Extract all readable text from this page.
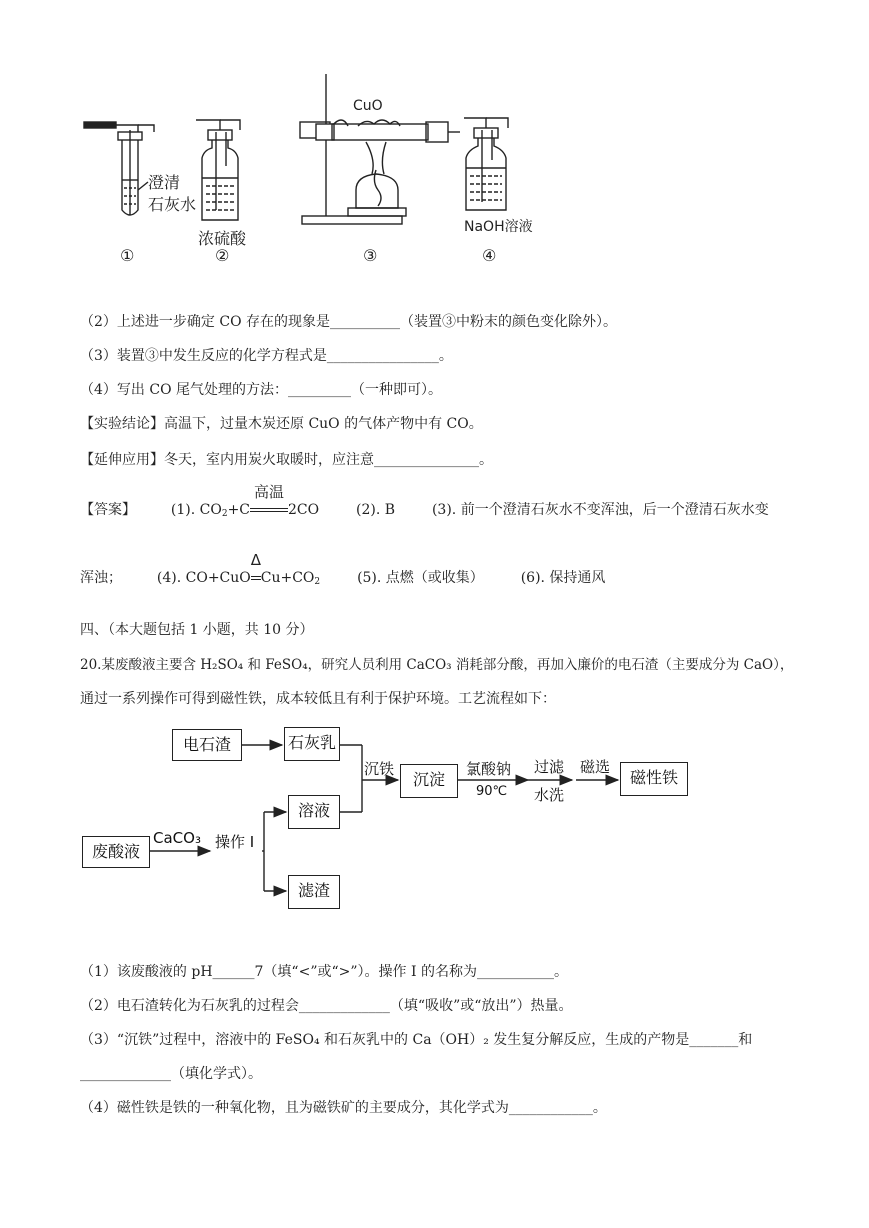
澄清
石灰水
浓硫酸
CuO
NaOH溶液
①	②	③	④
（2）上述进一步确定 CO 存在的现象是__________（装置③中粉末的颜色变化除外）。
（3）装置③中发生反应的化学方程式是________________。
（4）写出 CO 尾气处理的方法：_________（一种即可）。
【实验结论】高温下，过量木炭还原 CuO 的气体产物中有 CO。
【延伸应用】冬天，室内用炭火取暖时，应注意_______________。
【答案】 (1). $CO_2+C$
高温
2CO	(2). B	(3). 前一个澄清石灰水不变浑浊，后一个澄清石灰水变
浑浊； (4). CO+CuO
Δ
$Cu+CO_2$	(5). 点燃（或收集）	(6). 保持通风
四、（本大题包括 1 小题，共 10 分）
20.某废酸液主要含 H₂SO₄ 和 FeSO₄，研究人员利用 CaCO₃ 消耗部分酸，再加入廉价的电石渣（主要成分为 CaO），
通过一系列操作可得到磁性铁，成本较低且有利于保护环境。工艺流程如下：
电石渣	石灰乳
沉淀	磁性铁
溶液
废酸液
滤渣
沉铁	氯酸钠
90℃
过滤
水洗
磁选
CaCO₃ 操作 I
（1）该废酸液的 pH______7（填“<”或“>”）。操作 I 的名称为___________。
（2）电石渣转化为石灰乳的过程会_____________（填“吸收”或“放出”）热量。
（3）“沉铁”过程中，溶液中的 FeSO₄ 和石灰乳中的 Ca（OH）₂ 发生复分解反应，生成的产物是_______和
_____________（填化学式）。
（4）磁性铁是铁的一种氧化物，且为磁铁矿的主要成分，其化学式为____________。
